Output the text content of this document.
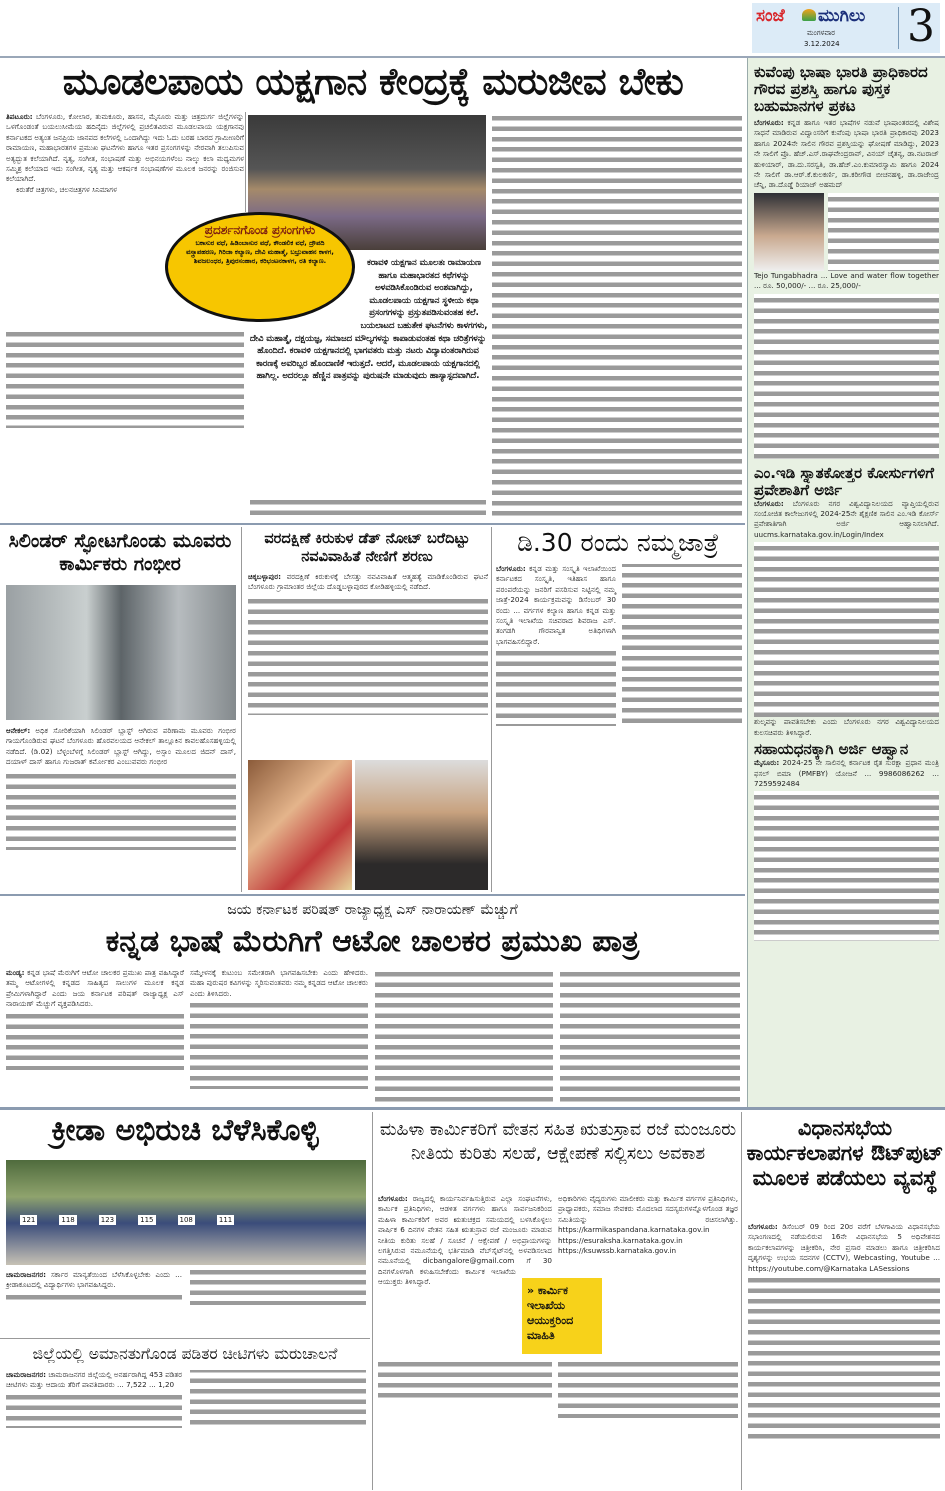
ಸಂಜೆ ಮುಗಿಲು
ಮಂಗಳವಾರ
3.12.2024 3
ಮೂಡಲಪಾಯ ಯಕ್ಷಗಾನ ಕೇಂದ್ರಕ್ಕೆ ಮರುಜೀವ ಬೇಕು

ತಿಪಟೂರು: ಬೆಂಗಳೂರು, ಕೋಲಾರ, ತುಮಕೂರು, ಹಾಸನ, ಮೈಸೂರು ಮತ್ತು ಚಿತ್ರದುರ್ಗ ಜಿಲ್ಲೆಗಳನ್ನು ಒಳಗೊಂಡಂತೆ ಬಯಲುಸೀಮೆಯ ಹದಿನೈದು ಜಿಲ್ಲೆಗಳಲ್ಲಿ ಪ್ರಚಲಿತವಿರುವ ಮೂಡಲಪಾಯ ಯಕ್ಷಗಾನವು ಕರ್ನಾಟಕದ ಅತ್ಯಂತ ಜನಪ್ರಿಯ ಜಾನಪದ ಕಲೆಗಳಲ್ಲಿ ಒಂದಾಗಿದ್ದು ಇದು ಓದು ಬರಹ ಬಾರದ ಗ್ರಾಮೀಣರಿಗೆ ರಾಮಾಯಣ, ಮಹಾಭಾರತಗಳ ಪ್ರಮುಖ ಘಟನೆಗಳು ಹಾಗೂ ಇತರ ಪ್ರಸಂಗಗಳನ್ನು ನೇರವಾಗಿ ತಲುಪಿಸುವ ಅತ್ಯದ್ಭುತ ಕಲೆಯಾಗಿದೆ. ನೃತ್ಯ, ಸಂಗೀತ, ಸಂಭಾಷಣೆ ಮತ್ತು ಅಭಿನಯಗಳೆಂಬ ನಾಲ್ಕು ಕಲಾ ಮಧ್ಯಮಗಳ ಸಮ್ಮಿಶ್ರ ಕಲೆಯಾದ ಇದು ಸಂಗೀತ, ನೃತ್ಯ ಮತ್ತು ಆಕರ್ಷಕ ಸಂಭಾಷಣೆಗಳ ಮೂಲಕ ಜನರನ್ನು ರಂಜಿಸುವ ಕಲೆಯಾಗಿದೆ.

ಕಿರುತೆರೆ ಚಿತ್ರಗಳು, ಚಲನಚಿತ್ರಗಳ ಸಿನಿಮಾಗಳ

ಪ್ರದರ್ಶನಗೊಂಡ ಪ್ರಸಂಗಗಳು
ಬಕಾಸುರ ವಧೆ, ಹಿಡಿಂಬಾಸುರ ವಧೆ, ಕೌಂಡಲಿಕ ವಧೆ, ದ್ರೌಪದಿ ವಸ್ತ್ರಾಪಹರಣ, ಗಿರಿಜಾ ಕಲ್ಯಾಣ, ದೇವಿ ಮಹಾತ್ಮೆ, ಬಭ್ರುವಾಹನ ಕಾಳಗ, ಶಿವಜಲಂಧರ, ತ್ರಿಪುರಸಂಹಾರ, ಕರಿಭಂಟನಕಾಳಗ, ರತಿ ಕಲ್ಯಾಣ.	ಕರಾವಳಿ ಯಕ್ಷಗಾನ ಮೂಲತಃ ರಾಮಾಯಣ ಹಾಗೂ ಮಹಾಭಾರತದ ಕಥೆಗಳನ್ನು ಅಳವಡಿಸಿಕೊಂಡಿರುವ ಅಂಶವಾಗಿದ್ದು, ಮೂಡಲಪಾಯ ಯಕ್ಷಗಾನ ಸ್ಥಳೀಯ ಕಥಾ ಪ್ರಸಂಗಗಳನ್ನು ಪ್ರಸ್ತುತಪಡಿಸುವಂತಹ ಕಲೆ. ಬಯಲಾಟದ ಬಹುತೇಕ ಘಟನೆಗಳು ಕಾಳಗಗಳು, ದೇವಿ ಮಹಾತ್ಮೆ, ದಕ್ಷಯಜ್ಞ, ಸಮಾಜದ ಮೌಲ್ಯಗಳನ್ನು ಕಾಪಾಡುವಂತಹ ಕಥಾ ಚರಿತ್ರೆಗಳನ್ನು ಹೊಂದಿದೆ. ಕರಾವಳಿ ಯಕ್ಷಗಾನದಲ್ಲಿ ಭಾಗವತರು ಮತ್ತು ನಟರು ವಿದ್ಯಾವಂತರಾಗಿರುವ ಕಾರಣಕ್ಕೆ ಅವರಿಬ್ಬರ ಹೊಂದಾಣಿಕೆ ಇರುತ್ತದೆ. ಆದರೆ, ಮೂಡಲಪಾಯ ಯಕ್ಷಗಾನದಲ್ಲಿ ಹಾಗಿಲ್ಲ. ಅದರಲ್ಲೂ ಹೆಣ್ಣಿನ ಪಾತ್ರವನ್ನು ಪುರುಷನೇ ಮಾಡುವುದು ಹಾಸ್ಯಾಸ್ಪದವಾಗಿದೆ.
ಕುವೆಂಪು ಭಾಷಾ ಭಾರತಿ ಪ್ರಾಧಿಕಾರದ ಗೌರವ ಪ್ರಶಸ್ತಿ ಹಾಗೂ ಪುಸ್ತಕ ಬಹುಮಾನಗಳ ಪ್ರಕಟ
ಬೆಂಗಳೂರು: ಕನ್ನಡ ಹಾಗೂ ಇತರ ಭಾಷೆಗಳ ನಡುವೆ ಭಾಷಾಂತರದಲ್ಲಿ ವಿಶೇಷ ಸಾಧನೆ ಮಾಡಿರುವ ವಿದ್ವಾಂಸರಿಗೆ ಕುವೆಂಪು ಭಾಷಾ ಭಾರತಿ ಪ್ರಾಧಿಕಾರವು 2023 ಹಾಗೂ 2024ನೇ ಸಾಲಿನ ಗೌರವ ಪ್ರಶಸ್ತಿಯನ್ನು ಘೋಷಣೆ ಮಾಡಿದ್ದು, 2023 ನೇ ಸಾಲಿಗೆ ಪ್ರೊ. ಹೆಚ್.ಎಸ್.ರಾಘವೇಂದ್ರರಾವ್, ವಿನಯ್ ಚೈತನ್ಯ, ಡಾ.ನಟರಾಜ್ ಹುಳಿಯಾರ್, ಡಾ.ದು.ಸರಸ್ವತಿ, ಡಾ.ಹೆಚ್.ಎಂ.ಕುಮಾರಸ್ವಾಮಿ ಹಾಗೂ 2024 ನೇ ಸಾಲಿಗೆ ಡಾ.ಆರ್.ಕೆ.ಕುಲಕರ್ಣಿ, ಡಾ.ಕರೀಗೌಡ ಬೀಚನಹಳ್ಳಿ, ಡಾ.ರಾಜೇಂದ್ರ ಚೆನ್ನಿ, ಡಾ.ದೊಡ್ಡೆ ರಿಯಾಜ್ ಅಹಮದ್
Tejo Tungabhadra ... Love and water flow together ... ರೂ. 50,000/- ... ರೂ. 25,000/-
ಎಂ.ಇಡಿ ಸ್ನಾತಕೋತ್ತರ ಕೋರ್ಸುಗಳಿಗೆ ಪ್ರವೇಶಾತಿಗೆ ಅರ್ಜಿ
ಬೆಂಗಳೂರು: ಬೆಂಗಳೂರು ನಗರ ವಿಶ್ವವಿದ್ಯಾನಿಲಯದ ವ್ಯಾಪ್ತಿಯಲ್ಲಿರುವ ಸಂಯೋಜಿತ ಕಾಲೇಜುಗಳಲ್ಲಿ 2024-25ನೇ ಶೈಕ್ಷಣಿಕ ಸಾಲಿನ ಎಂ.ಇಡಿ ಕೋರ್ಸ್ ಪ್ರವೇಶಾತಿಗಾಗಿ ಅರ್ಜಿ ಆಹ್ವಾನಿಸಲಾಗಿದೆ. uucms.karnataka.gov.in/Login/Index
ಶುಲ್ಕವನ್ನು ಪಾವತಿಸಬೇಕು ಎಂದು ಬೆಂಗಳೂರು ನಗರ ವಿಶ್ವವಿದ್ಯಾನಿಲಯದ ಕುಲಸಚಿವರು ತಿಳಿಸಿದ್ದಾರೆ.
ಸಹಾಯಧನಕ್ಕಾಗಿ ಅರ್ಜಿ ಆಹ್ವಾನ
ಮೈಸೂರು: 2024-25 ನೇ ಸಾಲಿನಲ್ಲಿ ಕರ್ನಾಟಕ ರೈತ ಸುರಕ್ಷಾ ಪ್ರಧಾನ ಮಂತ್ರಿ ಫಸಲ್ ಬಿಮಾ (PMFBY) ಯೋಜನೆ ... 9986086262 ... 7259592484
ಸಿಲಿಂಡರ್ ಸ್ಫೋಟಗೊಂಡು ಮೂವರು ಕಾರ್ಮಿಕರು ಗಂಭೀರ
ಆನೇಕಲ್: ಅಧಿಕ ಸೋರಿಕೆಯಾಗಿ ಸಿಲಿಂಡರ್ ಬ್ಲಾಸ್ಟ್ ಆಗಿರುವ ಪರಿಣಾಮ ಮೂವರು ಗಂಭೀರ ಗಾಯಗೊಂಡಿರುವ ಘಟನೆ ಬೆಂಗಳೂರು ಹೊರವಲಯದ ಆನೇಕಲ್ ತಾಲ್ಲೂಕಿನ ಕಾವಲಹೊಸಹಳ್ಳಿಯಲ್ಲಿ ನಡೆದಿದೆ. (ಡಿ.02) ಬೆಳ್ಳಂಬೆಳಗ್ಗೆ ಸಿಲಿಂಡರ್ ಬ್ಲಾಸ್ಟ್ ಆಗಿದ್ದು, ಅಸ್ಸಾಂ ಮೂಲದ ಜಿದನ್ ದಾಸ್, ದಯಾಳ್ ದಾಸ್ ಹಾಗೂ ಗುಜರಾತ್ ಕರ್ಮೋಕರ ಎಂಬುವವರು ಗಂಭೀರ
ವರದಕ್ಷಿಣೆ ಕಿರುಕುಳ ಡೆತ್ ನೋಟ್ ಬರೆದಿಟ್ಟು ನವವಿವಾಹಿತೆ ನೇಣಿಗೆ ಶರಣು
ಚಿಕ್ಕಬಳ್ಳಾಪುರ: ವರದಕ್ಷಿಣೆ ಕಿರುಕುಳಕ್ಕೆ ಬೇಸತ್ತು ನವವಿವಾಹಿತೆ ಆತ್ಮಹತ್ಯೆ ಮಾಡಿಕೊಂಡಿರುವ ಘಟನೆ ಬೆಂಗಳೂರು ಗ್ರಾಮಾಂತರ ಜಿಲ್ಲೆಯ ದೊಡ್ಡಬಳ್ಳಾಪುರದ ಕೋಡಿಹಳ್ಳಿಯಲ್ಲಿ ನಡೆದಿದೆ.
ಡಿ.30 ರಂದು ನಮ್ಮಜಾತ್ರೆ
ಬೆಂಗಳೂರು: ಕನ್ನಡ ಮತ್ತು ಸಂಸ್ಕೃತಿ ಇಲಾಖೆಯಿಂದ ಕರ್ನಾಟಕದ ಸಂಸ್ಕೃತಿ, ಇತಿಹಾಸ ಹಾಗೂ ಪರಂಪರೆಯನ್ನು ಜನರಿಗೆ ಪಸರಿಸುವ ನಿಟ್ಟಿನಲ್ಲಿ ನಮ್ಮ ಜಾತ್ರೆ-2024 ಕಾರ್ಯಕ್ರಮವನ್ನು ಡಿಸೆಂಬರ್ 30 ರಂದು ... ವರ್ಗಗಳ ಕಲ್ಯಾಣ ಹಾಗೂ ಕನ್ನಡ ಮತ್ತು ಸಂಸ್ಕೃತಿ ಇಲಾಖೆಯ ಸಚಿವರಾದ ಶಿವರಾಜ ಎಸ್. ತಂಗಡಗಿ ಗೌರವಾನ್ವಿತ ಅತಿಥಿಗಳಾಗಿ ಭಾಗವಹಿಸಲಿದ್ದಾರೆ.
ಜಯ ಕರ್ನಾಟಕ ಪರಿಷತ್ ರಾಜ್ಯಾಧ್ಯಕ್ಷ ಎಸ್ ನಾರಾಯಣ್ ಮೆಚ್ಚುಗೆ
ಕನ್ನಡ ಭಾಷೆ ಮೆರುಗಿಗೆ ಆಟೋ ಚಾಲಕರ ಪ್ರಮುಖ ಪಾತ್ರ
ಮಂಡ್ಯ: ಕನ್ನಡ ಭಾಷೆ ಮೆರುಗಿಗೆ ಆಟೋ ಚಾಲಕರ ಪ್ರಮುಖ ಪಾತ್ರ ವಹಿಸಿದ್ದಾರೆ ತಮ್ಮ ಆಟೋಗಳಲ್ಲಿ ಕನ್ನಡದ ಸಾಹಿತ್ಯದ ಸಾಲುಗಳ ಮೂಲಕ ಕನ್ನಡ ಪ್ರೇಮಿಗಳಾಗಿದ್ದಾರೆ ಎಂದು ಜಯ ಕರ್ನಾಟಕ ಪರಿಷತ್ ರಾಜ್ಯಾಧ್ಯಕ್ಷ ಎಸ್ ನಾರಾಯಣ್ ಮೆಚ್ಚುಗೆ ವ್ಯಕ್ತಪಡಿಸಿದರು.
ಸಮ್ಮೇಳನಕ್ಕೆ ಕುಟುಂಬ ಸಮೇತರಾಗಿ ಭಾಗವಹಿಸಬೇಕು ಎಂದು ಹೇಳಿದರು. ಮಹಾ ಪುರುಷರ ಕವಿಗಳನ್ನು ಸ್ಮರಿಸುವಂತವರು ನಮ್ಮ ಕನ್ನಡದ ಆಟೋ ಚಾಲಕರು ಎಂದು ತಿಳಿಸಿದರು.
ಕ್ರೀಡಾ ಅಭಿರುಚಿ ಬೆಳೆಸಿಕೊಳ್ಳಿ
121	118	123	115	108	111
ಚಾಮರಾಜನಗರ: ಸರ್ಕಾರ ಮಾನ್ಯತೆಯಿಂದ ಬೆಳೆಸಿಕೊಳ್ಳಬೇಕು ಎಂದು ... ಕ್ರೀಡಾಕೂಟದಲ್ಲಿ ವಿದ್ಯಾರ್ಥಿಗಳು ಭಾಗವಹಿಸಿದ್ದರು.
ಜಿಲ್ಲೆಯಲ್ಲಿ ಅಮಾನತುಗೊಂಡ ಪಡಿತರ ಚೀಟಿಗಳು ಮರುಚಾಲನೆ
ಚಾಮರಾಜನಗರ: ಚಾಮರಾಜನಗರ ಜಿಲ್ಲೆಯಲ್ಲಿ ಅನರ್ಹರಾಗಿದ್ದ 453 ಪಡಿತರ ಚೀಟಿಗಳು ಮತ್ತು ಆದಾಯ ತೆರಿಗೆ ಪಾವತಿದಾರರು ... 7,522 ... 1,20
ಮಹಿಳಾ ಕಾರ್ಮಿಕರಿಗೆ ವೇತನ ಸಹಿತ ಋತುಸ್ರಾವ ರಜೆ ಮಂಜೂರು ನೀತಿಯ ಕುರಿತು ಸಲಹೆ, ಆಕ್ಷೇಪಣೆ ಸಲ್ಲಿಸಲು ಅವಕಾಶ
ಬೆಂಗಳೂರು: ರಾಜ್ಯದಲ್ಲಿ ಕಾರ್ಯನಿರ್ವಹಿಸುತ್ತಿರುವ ಎಲ್ಲಾ ಸಂಘಟನೆಗಳು, ಕಾರ್ಮಿಕ ಪ್ರತಿನಿಧಿಗಳು, ಆಡಳಿತ ವರ್ಗಗಳು ಹಾಗೂ ಸಾರ್ವಜನಿಕರಿಂದ ಮಹಿಳಾ ಕಾರ್ಮಿಕರಿಗೆ ಅವರ ಋತುಚಕ್ರದ ಸಮಯದಲ್ಲಿ ಬಳಸಿಕೊಳ್ಳಲು ವಾರ್ಷಿಕ 6 ದಿನಗಳ ವೇತನ ಸಹಿತ ಋತುಸ್ರಾವ ರಜೆ ಮಂಜೂರು ಮಾಡುವ ನೀತಿಯ ಕುರಿತು ಸಲಹೆ / ಸೂಚನೆ / ಆಕ್ಷೇಪಣೆ / ಅಭಿಪ್ರಾಯಗಳನ್ನು ಲಗತ್ತಿಸಿರುವ ನಮೂನೆಯಲ್ಲಿ ಭರ್ತಿಮಾಡಿ ವೆಬ್‌ಸೈಟ್‌ನಲ್ಲಿ ಅಳವಡಿಸಲಾದ ನಮೂನೆಯಲ್ಲಿ dicbangalore@gmail.com ಗೆ 30 ದಿನಗಳೊಳಗಾಗಿ ಕಳುಹಿಸಬೇಕೆಂದು ಕಾರ್ಮಿಕ ಇಲಾಖೆಯ ಆಯುಕ್ತರು ತಿಳಿಸಿದ್ದಾರೆ.
ಅಧಿಕಾರಿಗಳು ವೈದ್ಯರುಗಳು ಮಾಲೀಕರು ಮತ್ತು ಕಾರ್ಮಿಕ ವರ್ಗಗಳ ಪ್ರತಿನಿಧಿಗಳು, ಪ್ರಾಧ್ಯಾಪಕರು, ಸಮಾಜ ಸೇವಕರು ಮೊದಲಾದ ಸದಸ್ಯರುಗಳನ್ನೊಳಗೊಂಡ ತಜ್ಞರ ಸಮಿತಿಯನ್ನು ರಚಿಸಲಾಗಿತ್ತು. https://karmikaspandana.karnataka.gov.in https://esuraksha.karnataka.gov.in https://ksuwssb.karnataka.gov.in
» ಕಾರ್ಮಿಕ ಇಲಾಖೆಯ ಆಯುಕ್ತರಿಂದ ಮಾಹಿತಿ
ವಿಧಾನಸಭೆಯ ಕಾರ್ಯಕಲಾಪಗಳ ಔಟ್‌ಪುಟ್ ಮೂಲಕ ಪಡೆಯಲು ವ್ಯವಸ್ಥೆ
ಬೆಂಗಳೂರು: ಡಿಸೆಂಬರ್ 09 ರಿಂದ 20ರ ವರೆಗೆ ಬೆಳಗಾವಿಯ ವಿಧಾನಸಭೆಯ ಸಭಾಂಗಣದಲ್ಲಿ ನಡೆಯಲಿರುವ 16ನೇ ವಿಧಾನಸಭೆಯ 5 ಅಧಿವೇಶನದ ಕಾರ್ಯಕಲಾಪಗಳನ್ನು ಚಿತ್ರೀಕರಿಸಿ, ನೇರ ಪ್ರಸಾರ ಮಾಡಲು ಹಾಗೂ ಚಿತ್ರೀಕರಿಸಿದ ದೃಶ್ಯಗಳನ್ನು ಉಭಯ ಸದನಗಳ (CCTV), Webcasting, Youtube ... https://youtube.com/@Karnataka LASessions
